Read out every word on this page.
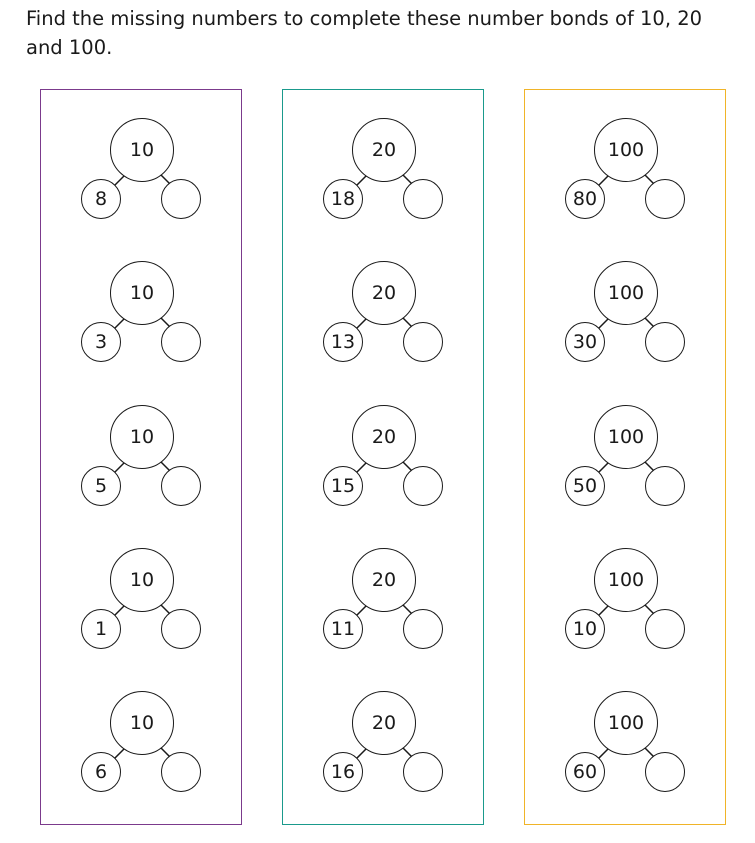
Find the missing numbers to complete these number bonds of 10, 20 and 100.

10
8
10
3
10
5
10
1
10
6
20
18
20
13
20
15
20
11
20
16
100
80
100
30
100
50
100
10
100
60
